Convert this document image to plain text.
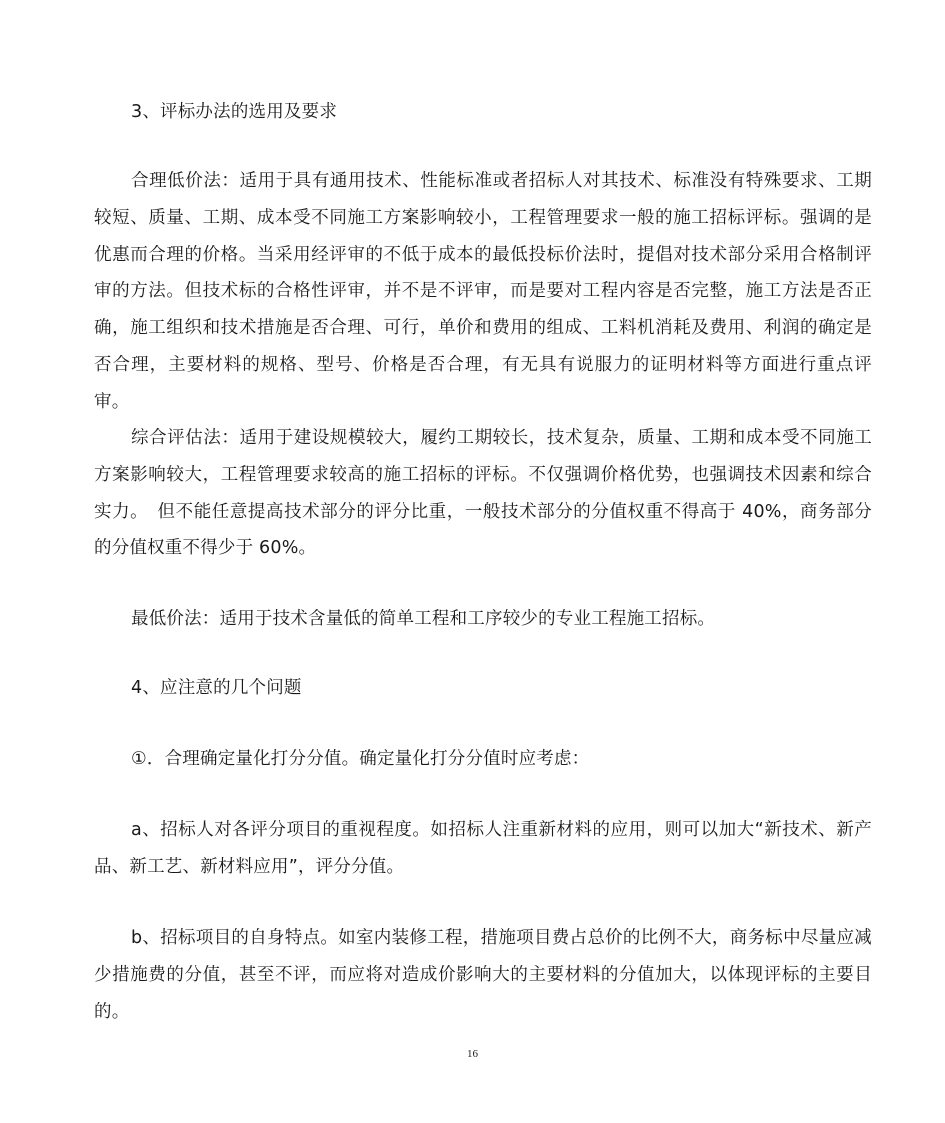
3、评标办法的选用及要求

合理低价法：适用于具有通用技术、性能标准或者招标人对其技术、标准没有特殊要求、工期较短、质量、工期、成本受不同施工方案影响较小，工程管理要求一般的施工招标评标。强调的是优惠而合理的价格。当采用经评审的不低于成本的最低投标价法时，提倡对技术部分采用合格制评审的方法。但技术标的合格性评审，并不是不评审，而是要对工程内容是否完整，施工方法是否正确，施工组织和技术措施是否合理、可行，单价和费用的组成、工料机消耗及费用、利润的确定是否合理，主要材料的规格、型号、价格是否合理，有无具有说服力的证明材料等方面进行重点评审。

综合评估法：适用于建设规模较大，履约工期较长，技术复杂，质量、工期和成本受不同施工方案影响较大，工程管理要求较高的施工招标的评标。不仅强调价格优势，也强调技术因素和综合实力。　但不能任意提高技术部分的评分比重，一般技术部分的分值权重不得高于 40%，商务部分的分值权重不得少于 60%。

最低价法：适用于技术含量低的简单工程和工序较少的专业工程施工招标。

4、应注意的几个问题

①．合理确定量化打分分值。确定量化打分分值时应考虑：

a、招标人对各评分项目的重视程度。如招标人注重新材料的应用，则可以加大“新技术、新产品、新工艺、新材料应用”，评分分值。

b、招标项目的自身特点。如室内装修工程，措施项目费占总价的比例不大，商务标中尽量应减少措施费的分值，甚至不评，而应将对造成价影响大的主要材料的分值加大，以体现评标的主要目的。

16
